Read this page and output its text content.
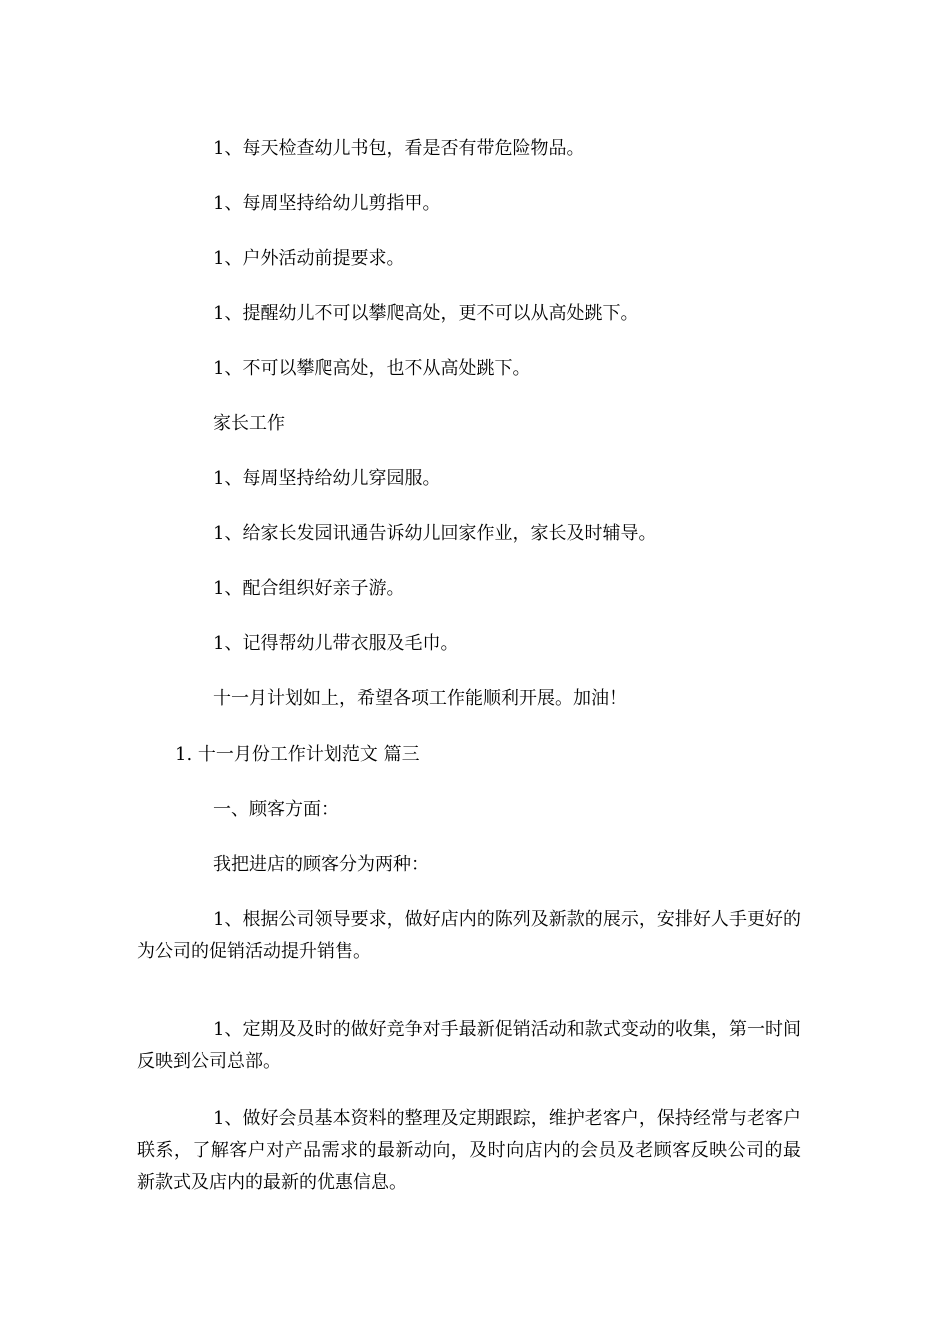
1、每天检查幼儿书包，看是否有带危险物品。

1、每周坚持给幼儿剪指甲。

1、户外活动前提要求。

1、提醒幼儿不可以攀爬高处，更不可以从高处跳下。

1、不可以攀爬高处，也不从高处跳下。

家长工作

1、每周坚持给幼儿穿园服。

1、给家长发园讯通告诉幼儿回家作业，家长及时辅导。

1、配合组织好亲子游。

1、记得帮幼儿带衣服及毛巾。

十一月计划如上，希望各项工作能顺利开展。加油！

1. 十一月份工作计划范文 篇三

一、顾客方面：

我把进店的顾客分为两种：

1、根据公司领导要求，做好店内的陈列及新款的展示，安排好人手更好的为公司的促销活动提升销售。

1、定期及及时的做好竞争对手最新促销活动和款式变动的收集，第一时间反映到公司总部。

1、做好会员基本资料的整理及定期跟踪，维护老客户，保持经常与老客户联系，了解客户对产品需求的最新动向，及时向店内的会员及老顾客反映公司的最新款式及店内的最新的优惠信息。
